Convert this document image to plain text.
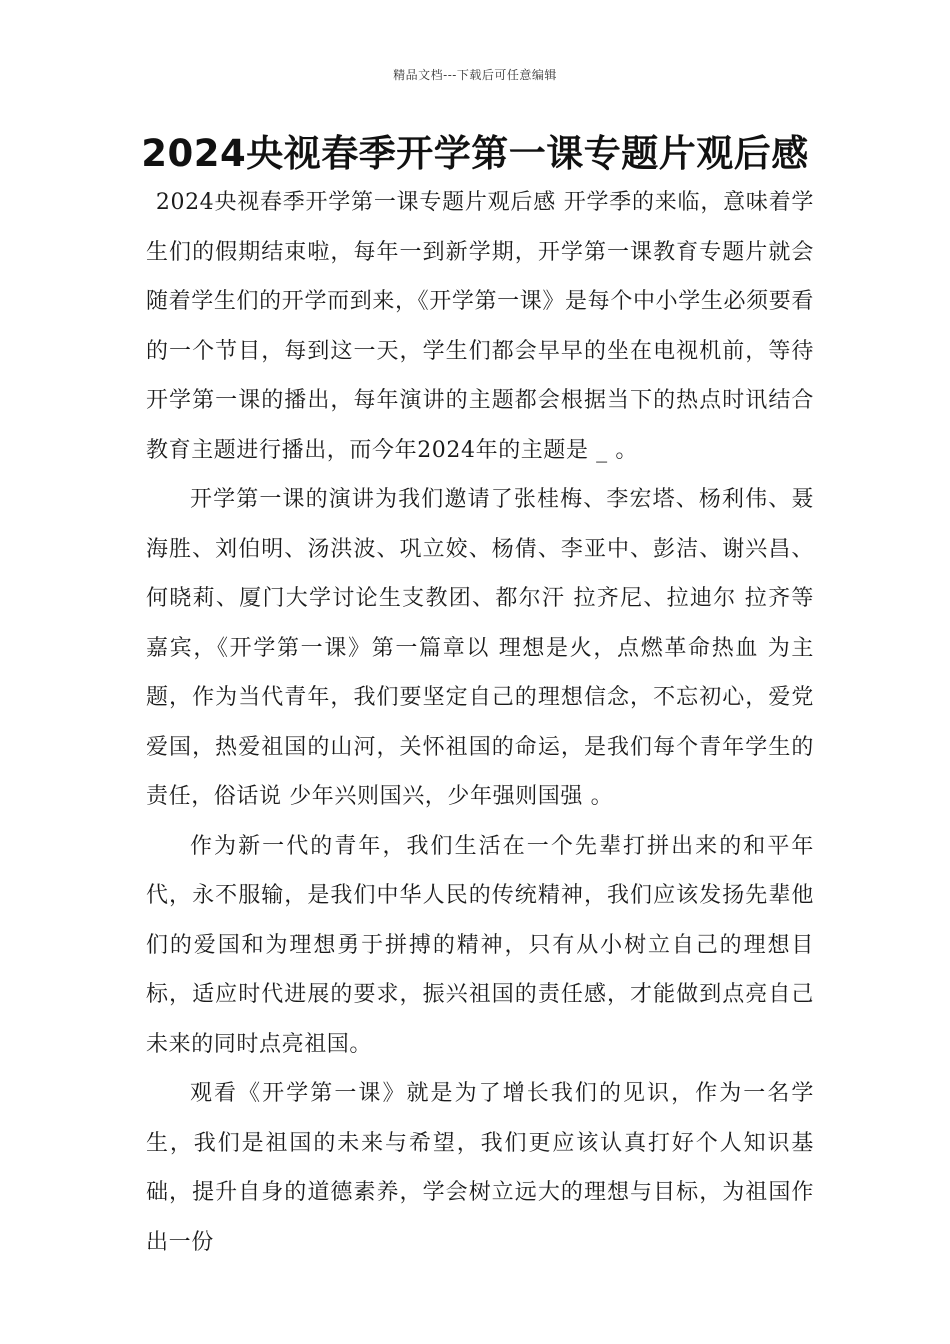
精品文档---下载后可任意编辑
2024央视春季开学第一课专题片观后感

2024央视春季开学第一课专题片观后感 开学季的来临，意味着学生们的假期结束啦，每年一到新学期，开学第一课教育专题片就会随着学生们的开学而到来，《开学第一课》是每个中小学生必须要看的一个节目，每到这一天，学生们都会早早的坐在电视机前，等待开学第一课的播出，每年演讲的主题都会根据当下的热点时讯结合教育主题进行播出，而今年2024年的主题是 _ 。

开学第一课的演讲为我们邀请了张桂梅、李宏塔、杨利伟、聂海胜、刘伯明、汤洪波、巩立姣、杨倩、李亚中、彭洁、谢兴昌、何晓莉、厦门大学讨论生支教团、都尔汗 拉齐尼、拉迪尔 拉齐等嘉宾，《开学第一课》第一篇章以 理想是火，点燃革命热血 为主题，作为当代青年，我们要坚定自己的理想信念，不忘初心，爱党爱国，热爱祖国的山河，关怀祖国的命运，是我们每个青年学生的责任，俗话说 少年兴则国兴，少年强则国强 。

作为新一代的青年，我们生活在一个先辈打拼出来的和平年代，永不服输，是我们中华人民的传统精神，我们应该发扬先辈他们的爱国和为理想勇于拼搏的精神，只有从小树立自己的理想目标，适应时代进展的要求，振兴祖国的责任感，才能做到点亮自己未来的同时点亮祖国。

观看《开学第一课》就是为了增长我们的见识，作为一名学生，我们是祖国的未来与希望，我们更应该认真打好个人知识基础，提升自身的道德素养，学会树立远大的理想与目标，为祖国作出一份
